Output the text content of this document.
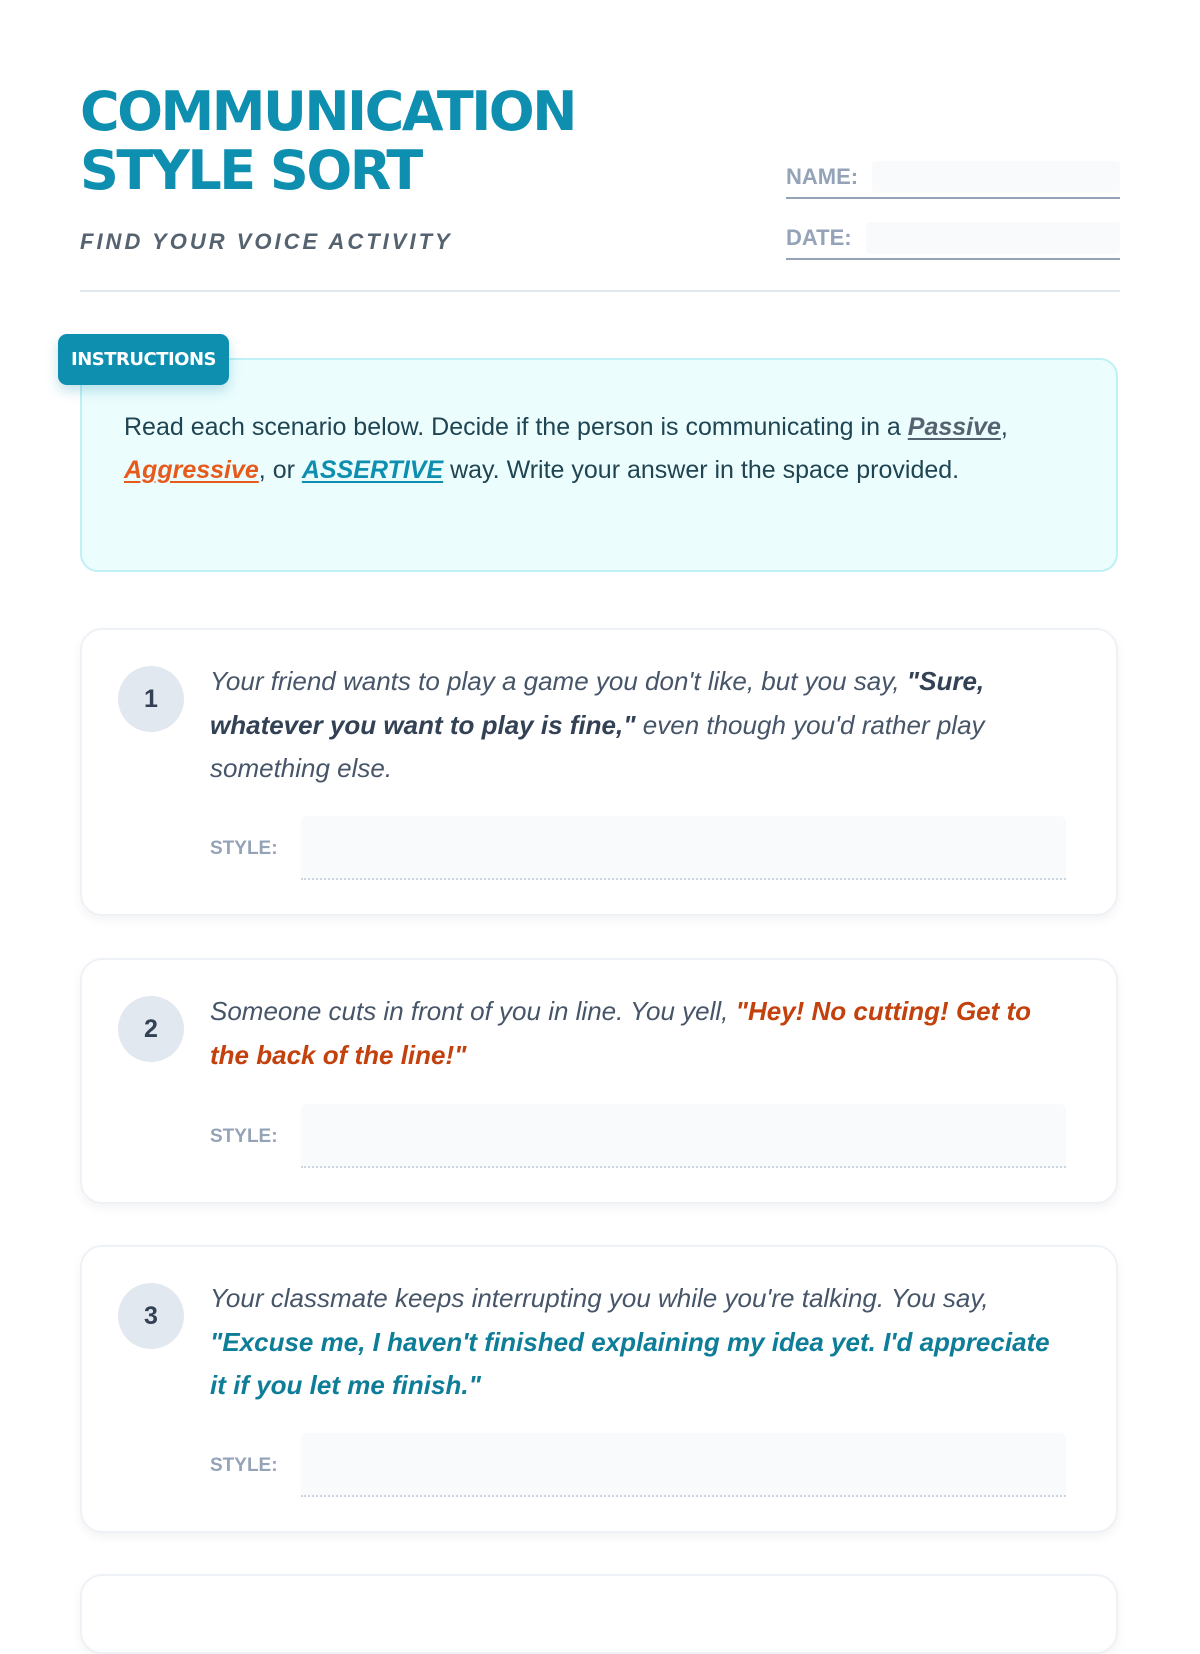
COMMUNICATION
STYLE SORT

FIND YOUR VOICE ACTIVITY

NAME:
DATE:
INSTRUCTIONS

Read each scenario below. Decide if the person is communicating in a Passive, Aggressive, or ASSERTIVE way. Write your answer in the space provided.

1

Your friend wants to play a game you don't like, but you say, "Sure, whatever you want to play is fine," even though you'd rather play something else.

STYLE:
2

Someone cuts in front of you in line. You yell, "Hey! No cutting! Get to the back of the line!"

STYLE:
3

Your classmate keeps interrupting you while you're talking. You say, "Excuse me, I haven't finished explaining my idea yet. I'd appreciate it if you let me finish."

STYLE:
